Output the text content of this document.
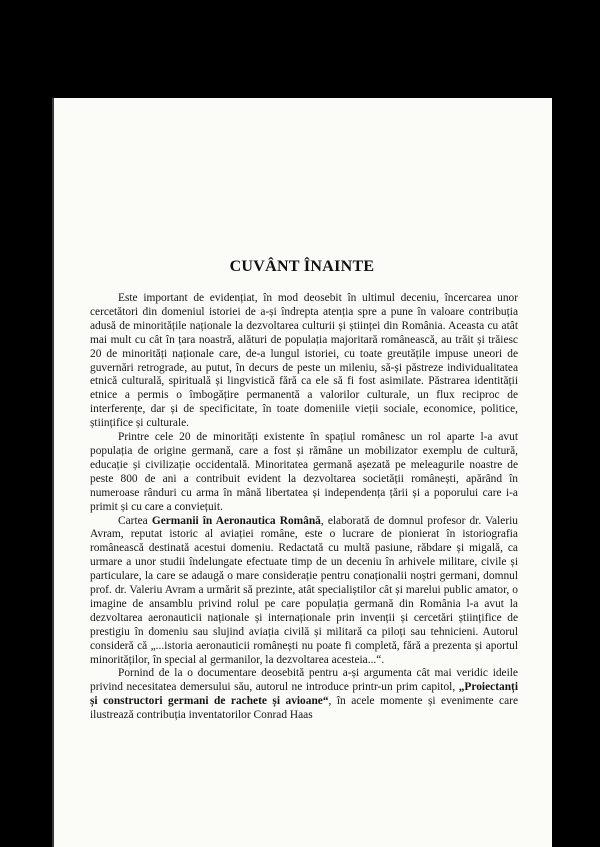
CUVÂNT ÎNAINTE

Este important de evidențiat, în mod deosebit în ultimul deceniu, încercarea unor cercetători din domeniul istoriei de a-și îndrepta atenția spre a pune în valoare contribuția adusă de minoritățile naționale la dezvoltarea culturii și științei din România. Aceasta cu atât mai mult cu cât în țara noastră, alături de populația majoritară românească, au trăit și trăiesc 20 de minorități naționale care, de-a lungul istoriei, cu toate greutățile impuse uneori de guvernări retrograde, au putut, în decurs de peste un mileniu, să-și păstreze individualitatea etnică culturală, spirituală și lingvistică fără ca ele să fi fost asimilate. Păstrarea identității etnice a permis o îmbogățire permanentă a valorilor culturale, un flux reciproc de interferențe, dar și de specificitate, în toate domeniile vieții sociale, economice, politice, științifice și culturale.

Printre cele 20 de minorități existente în spațiul românesc un rol aparte l-a avut populația de origine germană, care a fost și rămâne un mobilizator exemplu de cultură, educație și civilizație occidentală. Minoritatea germană așezată pe meleagurile noastre de peste 800 de ani a contribuit evident la dezvoltarea societății românești, apărând în numeroase rânduri cu arma în mână libertatea și independența țării și a poporului care i-a primit și cu care a conviețuit.

Cartea Germanii în Aeronautica Română, elaborată de domnul profesor dr. Valeriu Avram, reputat istoric al aviației române, este o lucrare de pionierat în istoriografia românească destinată acestui domeniu. Redactată cu multă pasiune, răbdare și migală, ca urmare a unor studii îndelungate efectuate timp de un deceniu în arhivele militare, civile și particulare, la care se adaugă o mare considerație pentru conaționalii noștri germani, domnul prof. dr. Valeriu Avram a urmărit să prezinte, atât specialiștilor cât și marelui public amator, o imagine de ansamblu privind rolul pe care populația germană din România l-a avut la dezvoltarea aeronauticii naționale și internaționale prin invenții și cercetări științifice de prestigiu în domeniu sau slujind aviația civilă și militară ca piloți sau tehnicieni. Autorul consideră că „...istoria aeronauticii românești nu poate fi completă, fără a prezenta și aportul minorităților, în special al germanilor, la dezvoltarea acesteia...“.

Pornind de la o documentare deosebită pentru a-și argumenta cât mai veridic ideile privind necesitatea demersului său, autorul ne introduce printr-un prim capitol, „Proiectanți și constructori germani de rachete și avioane“, în acele momente și evenimente care ilustrează contribuția inventatorilor Conrad Haas
